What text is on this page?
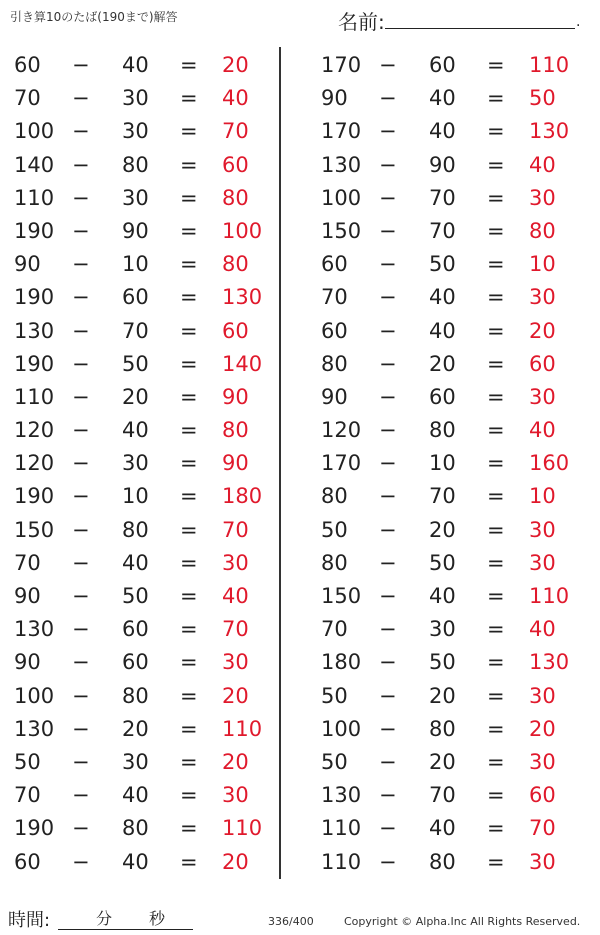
引き算10のたば(190まで)解答	名前:	.
60 − 40 = 20
70 − 30 = 40
100 − 30 = 70
140 − 80 = 60
110 − 30 = 80
190 − 90 = 100
90 − 10 = 80
190 − 60 = 130
130 − 70 = 60
190 − 50 = 140
110 − 20 = 90
120 − 40 = 80
120 − 30 = 90
190 − 10 = 180
150 − 80 = 70
70 − 40 = 30
90 − 50 = 40
130 − 60 = 70
90 − 60 = 30
100 − 80 = 20
130 − 20 = 110
50 − 30 = 20
70 − 40 = 30
190 − 80 = 110
60 − 40 = 20
170 − 60 = 110
90 − 40 = 50
170 − 40 = 130
130 − 90 = 40
100 − 70 = 30
150 − 70 = 80
60 − 50 = 10
70 − 40 = 30
60 − 40 = 20
80 − 20 = 60
90 − 60 = 30
120 − 80 = 40
170 − 10 = 160
80 − 70 = 10
50 − 20 = 30
80 − 50 = 30
150 − 40 = 110
70 − 30 = 40
180 − 50 = 130
50 − 20 = 30
100 − 80 = 20
50 − 20 = 30
130 − 70 = 60
110 − 40 = 70
110 − 80 = 30
時間:	分 秒	336/400	Copyright © Alpha.Inc All Rights Reserved.
